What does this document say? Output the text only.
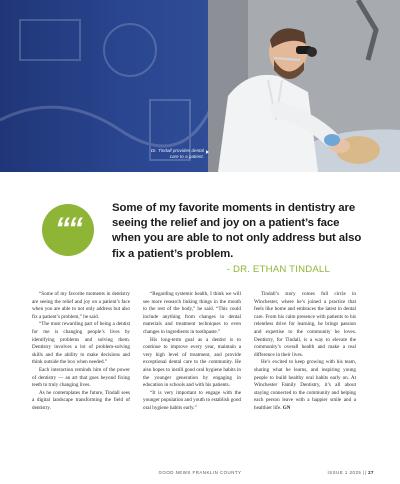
Dr. Tindall provides dental
care to a patient.
““
Some of my favorite moments in dentistry are seeing the relief and joy on a patient’s face when you are able to not only address but also fix a patient’s problem.
- DR. ETHAN TINDALL

“Some of my favorite moments in dentistry are seeing the relief and joy on a patient’s face when you are able to not only address but also fix a patient’s problem,” he said.

“The most rewarding part of being a dentist for me is changing people’s lives by identifying problems and solving them. Dentistry involves a lot of problem-solving skills and the ability to make decisions and think outside the box when needed.”

Each interaction reminds him of the power of dentistry — an art that goes beyond fixing teeth to truly changing lives.

As he contemplates the future, Tindall sees a digital landscape transforming the field of dentistry.

“Regarding systemic health, I think we will see more research linking things in the mouth to the rest of the body,” he said. “This could include anything from changes in dental materials and treatment techniques to even changes in ingredients in toothpaste.”

His long-term goal as a dentist is to continue to improve every year, maintain a very high level of treatment, and provide exceptional dental care to the community. He also hopes to instill good oral hygiene habits in the younger generation by engaging in education in schools and with his patients.

“It is very important to engage with the younger population and youth to establish good oral hygiene habits early.”

Tindall’s story comes full circle in Winchester, where he’s joined a practice that feels like home and embraces the latest in dental care. From his calm presence with patients to his relentless drive for learning, he brings passion and expertise to the community he loves. Dentistry, for Tindall, is a way to elevate the community’s overall health and make a real difference in their lives.

He’s excited to keep growing with his team, sharing what he learns, and inspiring young people to build healthy oral habits early on. At Winchester Family Dentistry, it’s all about staying connected to the community and helping each person leave with a happier smile and a healthier life. GN

GOOD NEWS FRANKLIN COUNTY	ISSUE 1 2025 || 27
